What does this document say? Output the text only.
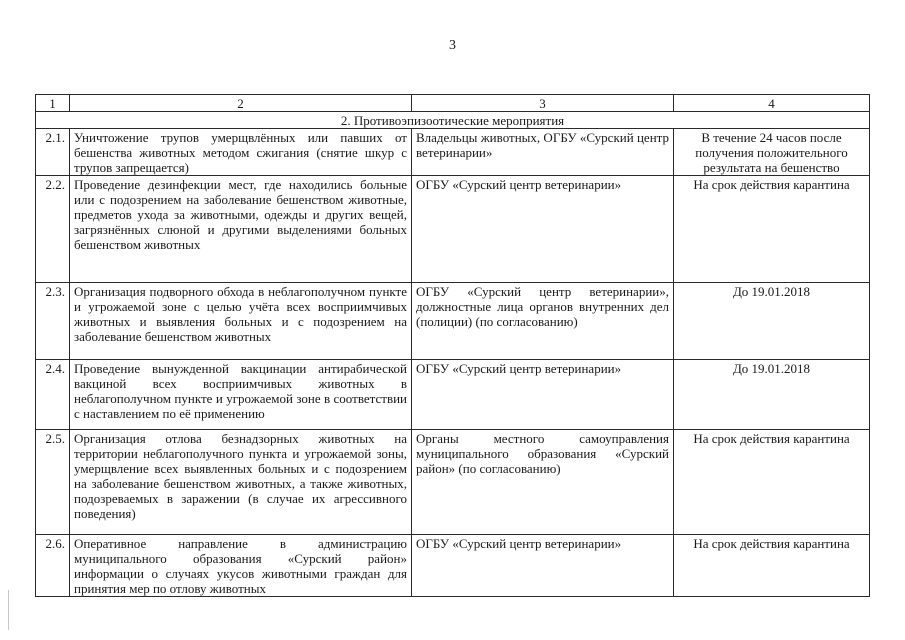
3
1	2	3	4
2. Противоэпизоотические мероприятия			
2.1.	Уничтожение трупов умерщвлённых или павших от бешенства животных методом сжигания (снятие шкур с трупов запрещается)	Владельцы животных, ОГБУ «Сурский центр ветеринарии»	В течение 24 часов после получения положительного результата на бешенство
2.2.	Проведение дезинфекции мест, где находились больные или с подозрением на заболевание бешенством животные, предметов ухода за животными, одежды и других вещей, загрязнённых слюной и другими выделениями больных бешенством животных	ОГБУ «Сурский центр ветеринарии»	На срок действия карантина
2.3.	Организация подворного обхода в неблагополучном пункте и угрожаемой зоне с целью учёта всех восприимчивых животных и выявления больных и с подозрением на заболевание бешенством животных	ОГБУ «Сурский центр ветеринарии», должностные лица органов внутренних дел (полиции) (по согласованию)	До 19.01.2018
2.4.	Проведение вынужденной вакцинации антирабической вакциной всех восприимчивых животных в неблагополучном пункте и угрожаемой зоне в соответствии с наставлением по её применению	ОГБУ «Сурский центр ветеринарии»	До 19.01.2018
2.5.	Организация отлова безнадзорных животных на территории неблагополучного пункта и угрожаемой зоны, умерщвление всех выявленных больных и с подозрением на заболевание бешенством животных, а также животных, подозреваемых в заражении (в случае их агрессивного поведения)	Органы местного самоуправления муниципального образования «Сурский район» (по согласованию)	На срок действия карантина
2.6.	Оперативное направление в администрацию муниципального образования «Сурский район» информации о случаях укусов животными граждан для принятия мер по отлову животных	ОГБУ «Сурский центр ветеринарии»	На срок действия карантина
